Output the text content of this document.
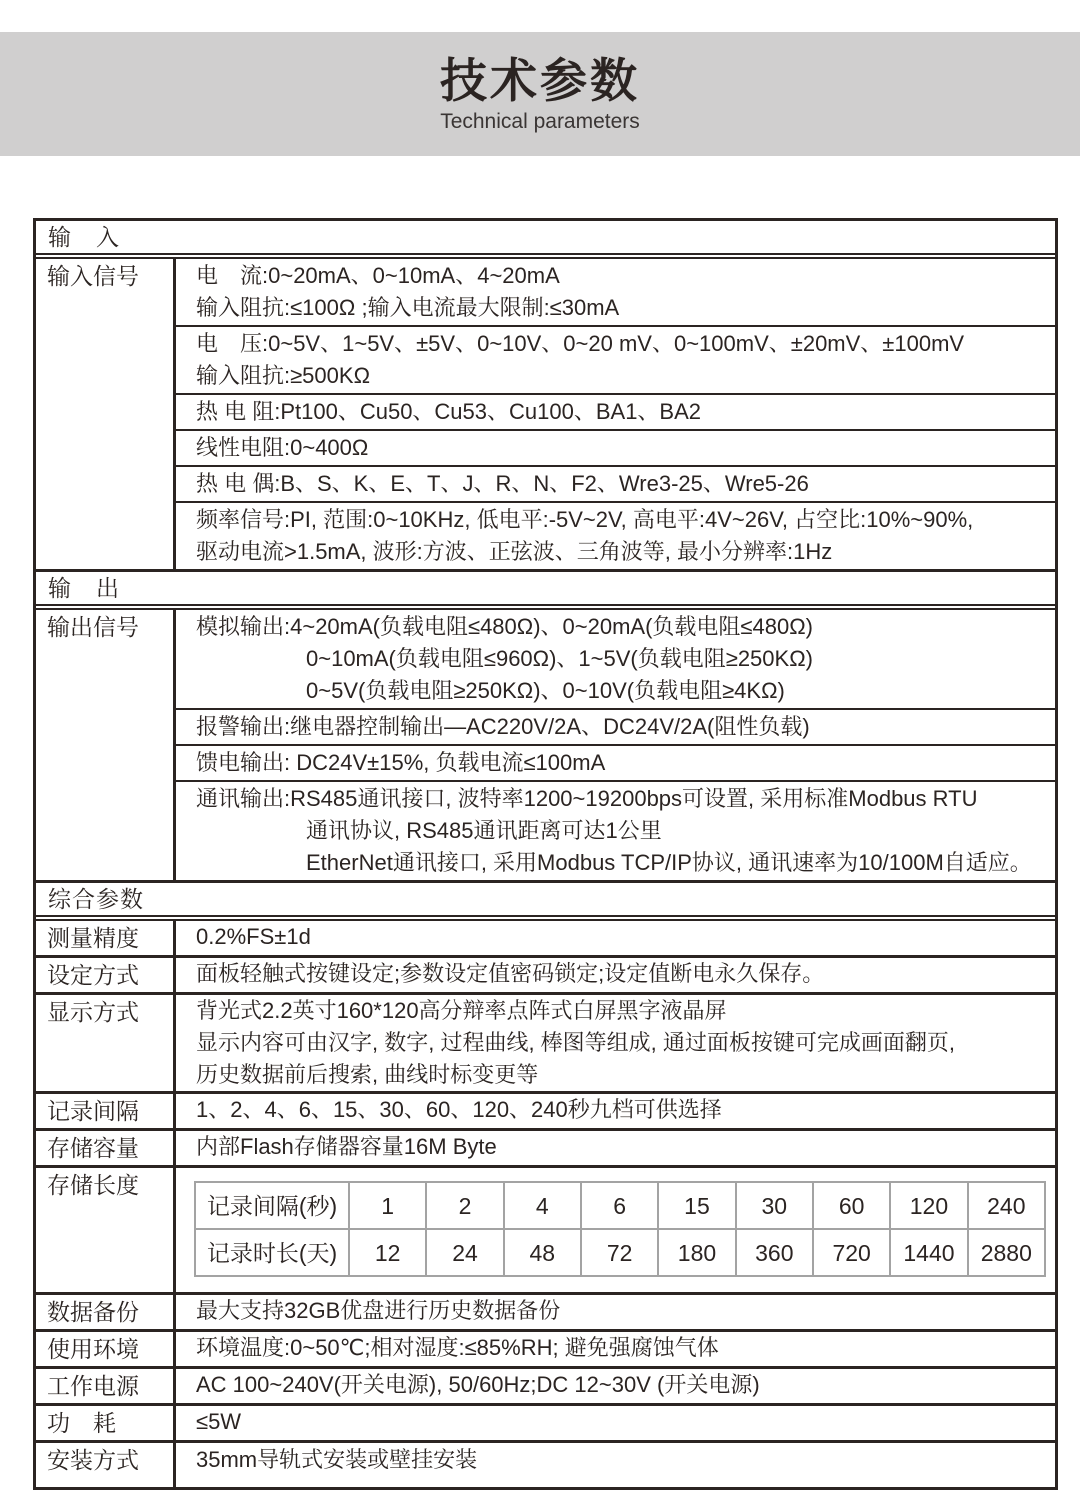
技术参数
Technical parameters
输　入
输入信号	电　流:0~20mA、0~10mA、4~20mA
输入阻抗:≤100Ω ;输入电流最大限制:≤30mA
电　压:0~5V、1~5V、±5V、0~10V、0~20 mV、0~100mV、±20mV、±100mV
输入阻抗:≥500KΩ
热 电 阻:Pt100、Cu50、Cu53、Cu100、BA1、BA2
线性电阻:0~400Ω
热 电 偶:B、S、K、E、T、J、R、N、F2、Wre3-25、Wre5-26
频率信号:PI, 范围:0~10KHz, 低电平:-5V~2V, 高电平:4V~26V, 占空比:10%~90%,
驱动电流>1.5mA, 波形:方波、正弦波、三角波等, 最小分辨率:1Hz
输　出
输出信号	模拟输出:4~20mA(负载电阻≤480Ω)、0~20mA(负载电阻≤480Ω)
0~10mA(负载电阻≤960Ω)、1~5V(负载电阻≥250KΩ)
0~5V(负载电阻≥250KΩ)、0~10V(负载电阻≥4KΩ)
报警输出:继电器控制输出—AC220V/2A、DC24V/2A(阻性负载)
馈电输出: DC24V±15%, 负载电流≤100mA
通讯输出:RS485通讯接口, 波特率1200~19200bps可设置, 采用标准Modbus RTU
通讯协议, RS485通讯距离可达1公里
EtherNet通讯接口, 采用Modbus TCP/IP协议, 通讯速率为10/100M自适应。
综合参数
测量精度	0.2%FS±1d
设定方式	面板轻触式按键设定;参数设定值密码锁定;设定值断电永久保存。
显示方式	背光式2.2英寸160*120高分辩率点阵式白屏黑字液晶屏
显示内容可由汉字, 数字, 过程曲线, 棒图等组成, 通过面板按键可完成画面翻页,
历史数据前后搜索, 曲线时标变更等
记录间隔	1、2、4、6、15、30、60、120、240秒九档可供选择
存储容量	内部Flash存储器容量16M Byte
存储长度
记录间隔(秒)	1	2	4	6	15	30	60	120	240
记录时长(天)	12	24	48	72	180	360	720	1440	2880
数据备份	最大支持32GB优盘进行历史数据备份
使用环境	环境温度:0~50℃;相对湿度:≤85%RH; 避免强腐蚀气体
工作电源	AC 100~240V(开关电源), 50/60Hz;DC 12~30V (开关电源)
功　耗	≤5W
安装方式	35mm导轨式安装或壁挂安装
